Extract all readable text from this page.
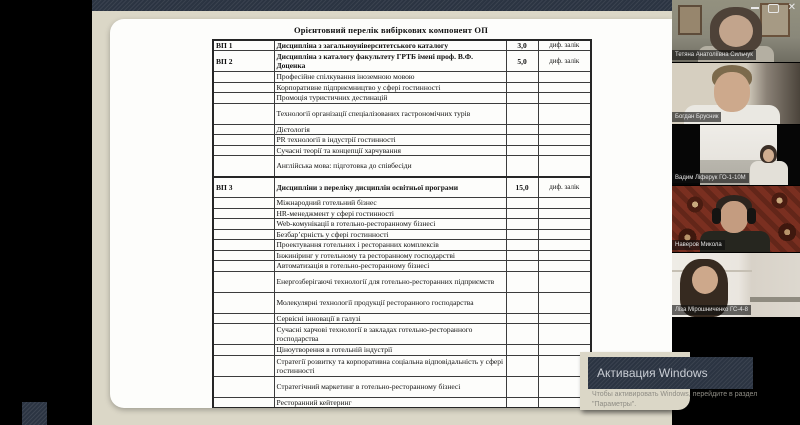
Орієнтовний перелік вибіркових компонент ОП
ВП 1	Дисципліна з загальноуніверситетського каталогу	3,0	диф. залік
ВП 2	Дисципліна з каталогу факультету ГРТБ імені проф. В.Ф. Доценка	5,0	диф. залік
	Професійне спілкування іноземною мовою		
	Корпоративне підприємництво у сфері гостинності		
	Промоція туристичних дестинацій		
	Технології організації спеціалізованих гастрономічних турів		
	Дієтологія		
	PR технології в індустрії гостинності		
	Сучасні теорії та концепції харчування		
	Англійська мова: підготовка до співбесіди		
ВП 3	Дисципліни з переліку дисциплін освітньої програми	15,0	диф. залік
	Міжнародний готельний бізнес		
	HR-менеджмент у сфері гостинності		
	Web-комунікації в готельно-ресторанному бізнесі		
	Безбар’єрність у сфері гостинності		
	Проектування готельних і ресторанних комплексів		
	Інжиніринг у готельному та ресторанному господарстві		
	Автоматизація в готельно-ресторанному бізнесі		
	Енергозберігаючі технології для готельно-ресторанних підприємств		
	Молекулярні технології продукції ресторанного господарства		
	Сервісні інновації в галузі		
	Сучасні харчові технології в закладах готельно-ресторанного господарства		
	Ціноутворення в готельній індустрії		
	Стратегії розвитку та корпоративна соціальна відповідальність у сфері гостинності		
	Стратегічний маркетинг в готельно-ресторанному бізнесі		
	Ресторанний кейтеринг		
Активация Windows
Чтобы активировать Windows, перейдите в раздел
"Параметры".
✕
Тетяна Анатоліївна Сильчук
Богдан Брусник
Вадим Ліферук ГО-1-10М
Наверов Микола
Ліза Мірошниченко ГС-4-8
